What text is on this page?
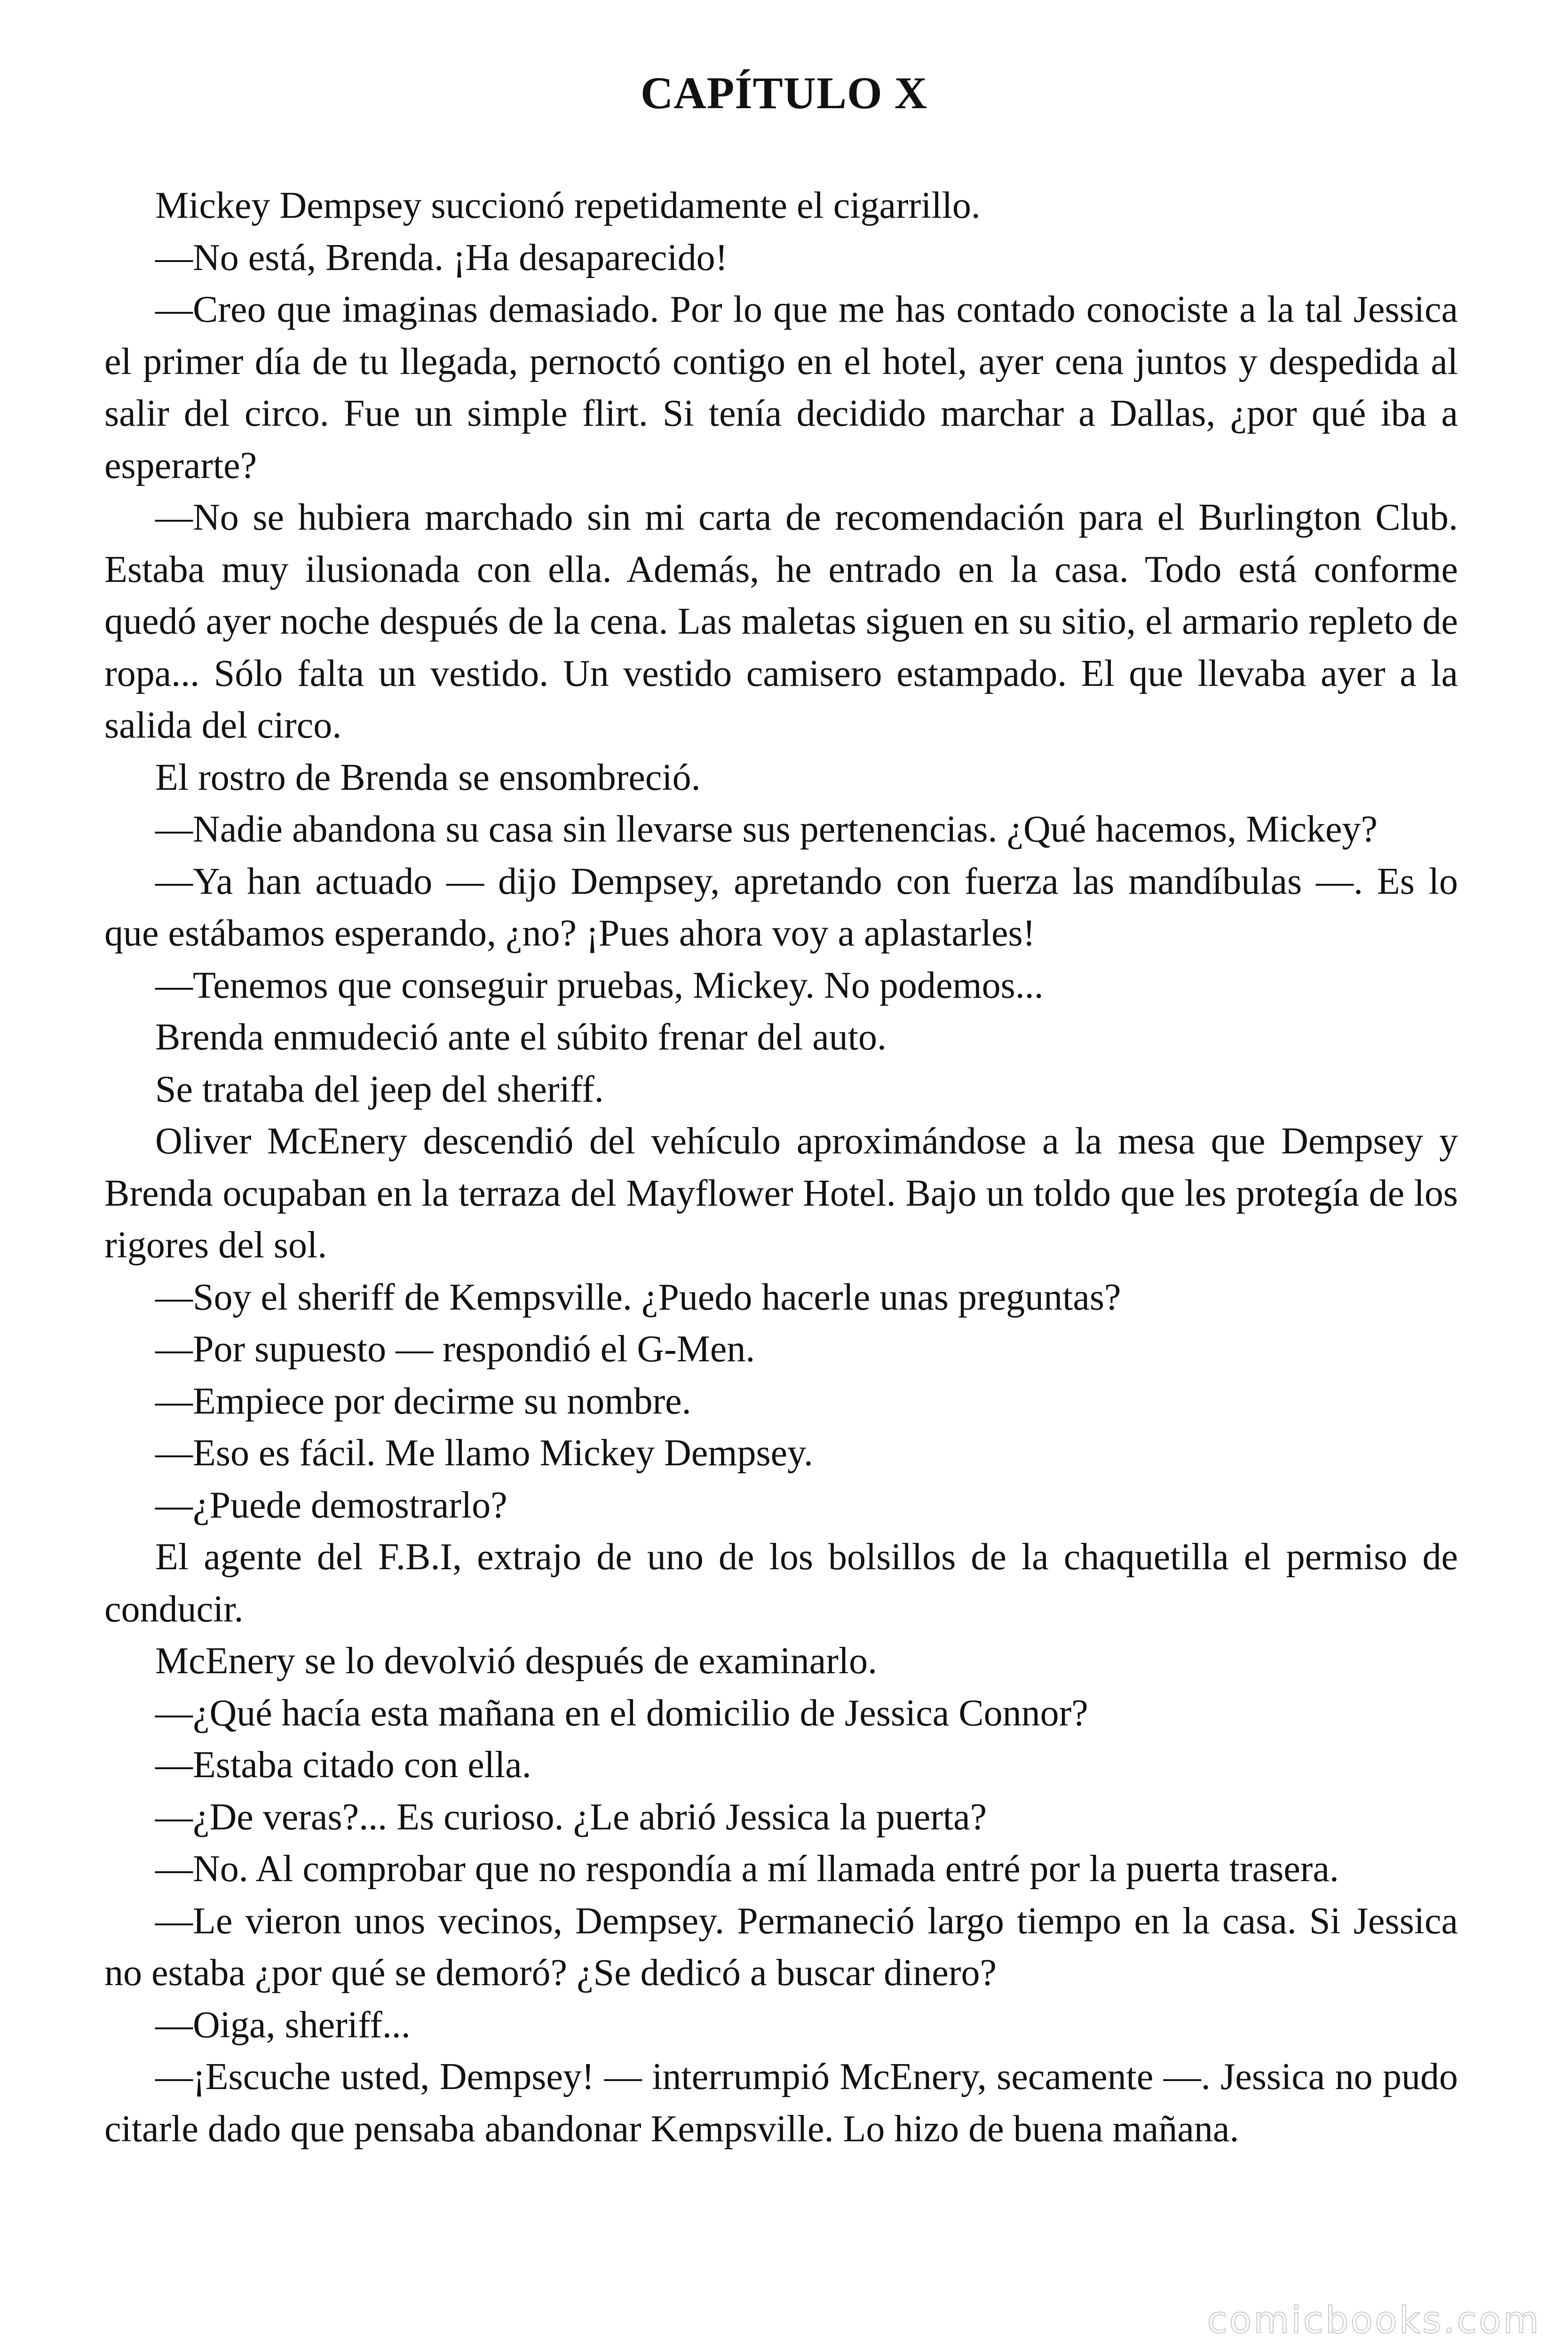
CAPÍTULO X

Mickey Dempsey succionó repetidamente el cigarrillo.

—No está, Brenda. ¡Ha desaparecido!

—Creo que imaginas demasiado. Por lo que me has contado conociste a la tal Jessica el primer día de tu llegada, pernoctó contigo en el hotel, ayer cena juntos y despedida al salir del circo. Fue un simple flirt. Si tenía decidido marchar a Dallas, ¿por qué iba a esperarte?

—No se hubiera marchado sin mi carta de recomendación para el Burlington Club. Estaba muy ilusionada con ella. Además, he entrado en la casa. Todo está conforme quedó ayer noche después de la cena. Las maletas siguen en su sitio, el armario repleto de ropa... Sólo falta un vestido. Un vestido camisero estampado. El que llevaba ayer a la salida del circo.

El rostro de Brenda se ensombreció.

—Nadie abandona su casa sin llevarse sus pertenencias. ¿Qué hacemos, Mickey?

—Ya han actuado — dijo Dempsey, apretando con fuerza las mandíbulas —. Es lo que estábamos esperando, ¿no? ¡Pues ahora voy a aplastarles!

—Tenemos que conseguir pruebas, Mickey. No podemos...

Brenda enmudeció ante el súbito frenar del auto.

Se trataba del jeep del sheriff.

Oliver McEnery descendió del vehículo aproximándose a la mesa que Dempsey y Brenda ocupaban en la terraza del Mayflower Hotel. Bajo un toldo que les protegía de los rigores del sol.

—Soy el sheriff de Kempsville. ¿Puedo hacerle unas preguntas?

—Por supuesto — respondió el G-Men.

—Empiece por decirme su nombre.

—Eso es fácil. Me llamo Mickey Dempsey.

—¿Puede demostrarlo?

El agente del F.B.I, extrajo de uno de los bolsillos de la chaquetilla el permiso de conducir.

McEnery se lo devolvió después de examinarlo.

—¿Qué hacía esta mañana en el domicilio de Jessica Connor?

—Estaba citado con ella.

—¿De veras?... Es curioso. ¿Le abrió Jessica la puerta?

—No. Al comprobar que no respondía a mí llamada entré por la puerta trasera.

—Le vieron unos vecinos, Dempsey. Permaneció largo tiempo en la casa. Si Jessica no estaba ¿por qué se demoró? ¿Se dedicó a buscar dinero?

—Oiga, sheriff...

—¡Escuche usted, Dempsey! — interrumpió McEnery, secamente —. Jessica no pudo citarle dado que pensaba abandonar Kempsville. Lo hizo de buena mañana.

comicbooks.com
